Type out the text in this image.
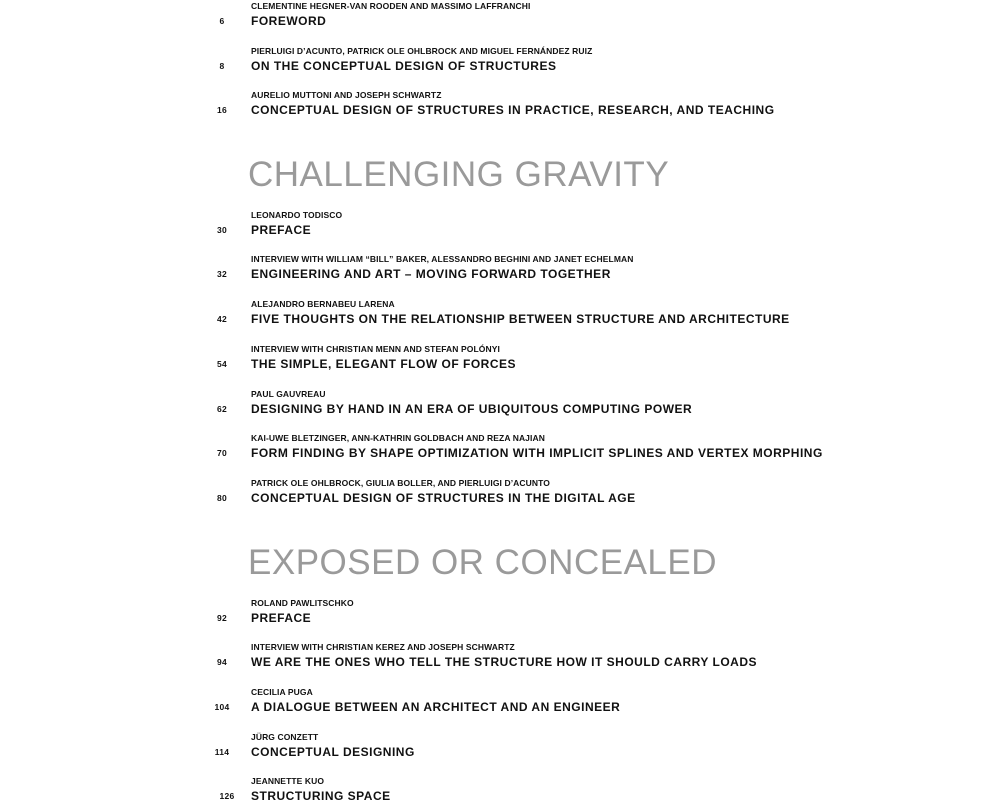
CLEMENTINE HEGNER-VAN ROODEN AND MASSIMO LAFFRANCHI
6	FOREWORD
PIERLUIGI D’ACUNTO, PATRICK OLE OHLBROCK AND MIGUEL FERNÁNDEZ RUIZ
8	ON THE CONCEPTUAL DESIGN OF STRUCTURES
AURELIO MUTTONI AND JOSEPH SCHWARTZ
16	CONCEPTUAL DESIGN OF STRUCTURES IN PRACTICE, RESEARCH, AND TEACHING
CHALLENGING GRAVITY
LEONARDO TODISCO
30	PREFACE
INTERVIEW WITH WILLIAM “BILL” BAKER, ALESSANDRO BEGHINI AND JANET ECHELMAN
32	ENGINEERING AND ART – MOVING FORWARD TOGETHER
ALEJANDRO BERNABEU LARENA
42	FIVE THOUGHTS ON THE RELATIONSHIP BETWEEN STRUCTURE AND ARCHITECTURE
INTERVIEW WITH CHRISTIAN MENN AND STEFAN POLÓNYI
54	THE SIMPLE, ELEGANT FLOW OF FORCES
PAUL GAUVREAU
62	DESIGNING BY HAND IN AN ERA OF UBIQUITOUS COMPUTING POWER
KAI-UWE BLETZINGER, ANN-KATHRIN GOLDBACH AND REZA NAJIAN
70	FORM FINDING BY SHAPE OPTIMIZATION WITH IMPLICIT SPLINES AND VERTEX MORPHING
PATRICK OLE OHLBROCK, GIULIA BOLLER, AND PIERLUIGI D’ACUNTO
80	CONCEPTUAL DESIGN OF STRUCTURES IN THE DIGITAL AGE
EXPOSED OR CONCEALED
ROLAND PAWLITSCHKO
92	PREFACE
INTERVIEW WITH CHRISTIAN KEREZ AND JOSEPH SCHWARTZ
94	WE ARE THE ONES WHO TELL THE STRUCTURE HOW IT SHOULD CARRY LOADS
CECILIA PUGA
104	A DIALOGUE BETWEEN AN ARCHITECT AND AN ENGINEER
JÜRG CONZETT
114	CONCEPTUAL DESIGNING
JEANNETTE KUO
126	STRUCTURING SPACE
